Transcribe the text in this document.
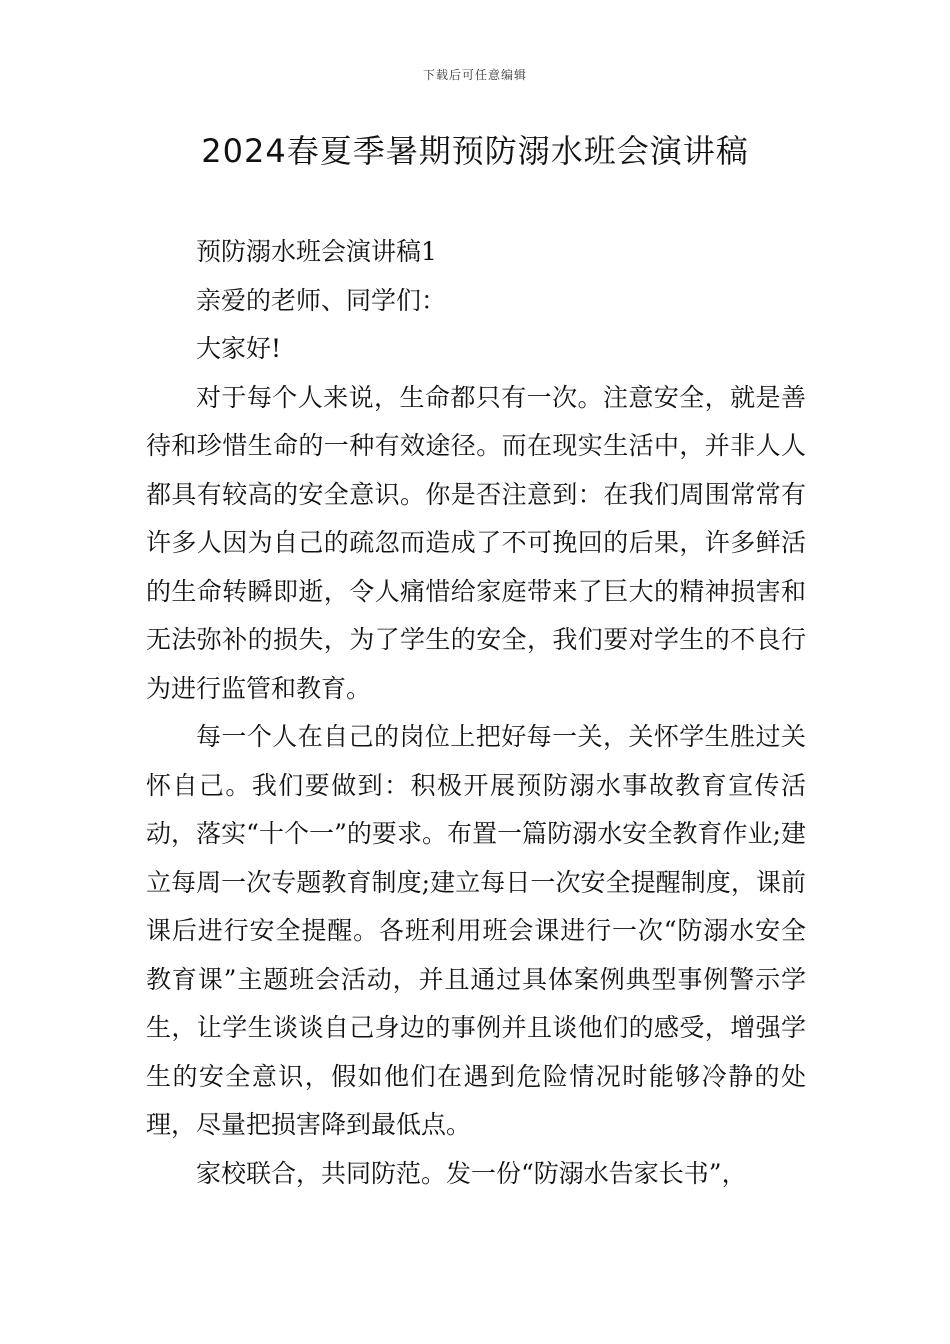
下载后可任意编辑
2024春夏季暑期预防溺水班会演讲稿

预防溺水班会演讲稿1

亲爱的老师、同学们：

大家好!

对于每个人来说，生命都只有一次。注意安全，就是善待和珍惜生命的一种有效途径。而在现实生活中，并非人人都具有较高的安全意识。你是否注意到：在我们周围常常有许多人因为自己的疏忽而造成了不可挽回的后果，许多鲜活的生命转瞬即逝，令人痛惜给家庭带来了巨大的精神损害和无法弥补的损失，为了学生的安全，我们要对学生的不良行为进行监管和教育。

每一个人在自己的岗位上把好每一关，关怀学生胜过关怀自己。我们要做到：积极开展预防溺水事故教育宣传活动，落实“十个一”的要求。布置一篇防溺水安全教育作业;建立每周一次专题教育制度;建立每日一次安全提醒制度，课前课后进行安全提醒。各班利用班会课进行一次“防溺水安全教育课”主题班会活动，并且通过具体案例典型事例警示学生，让学生谈谈自己身边的事例并且谈他们的感受，增强学生的安全意识，假如他们在遇到危险情况时能够冷静的处理，尽量把损害降到最低点。

家校联合，共同防范。发一份“防溺水告家长书”，
